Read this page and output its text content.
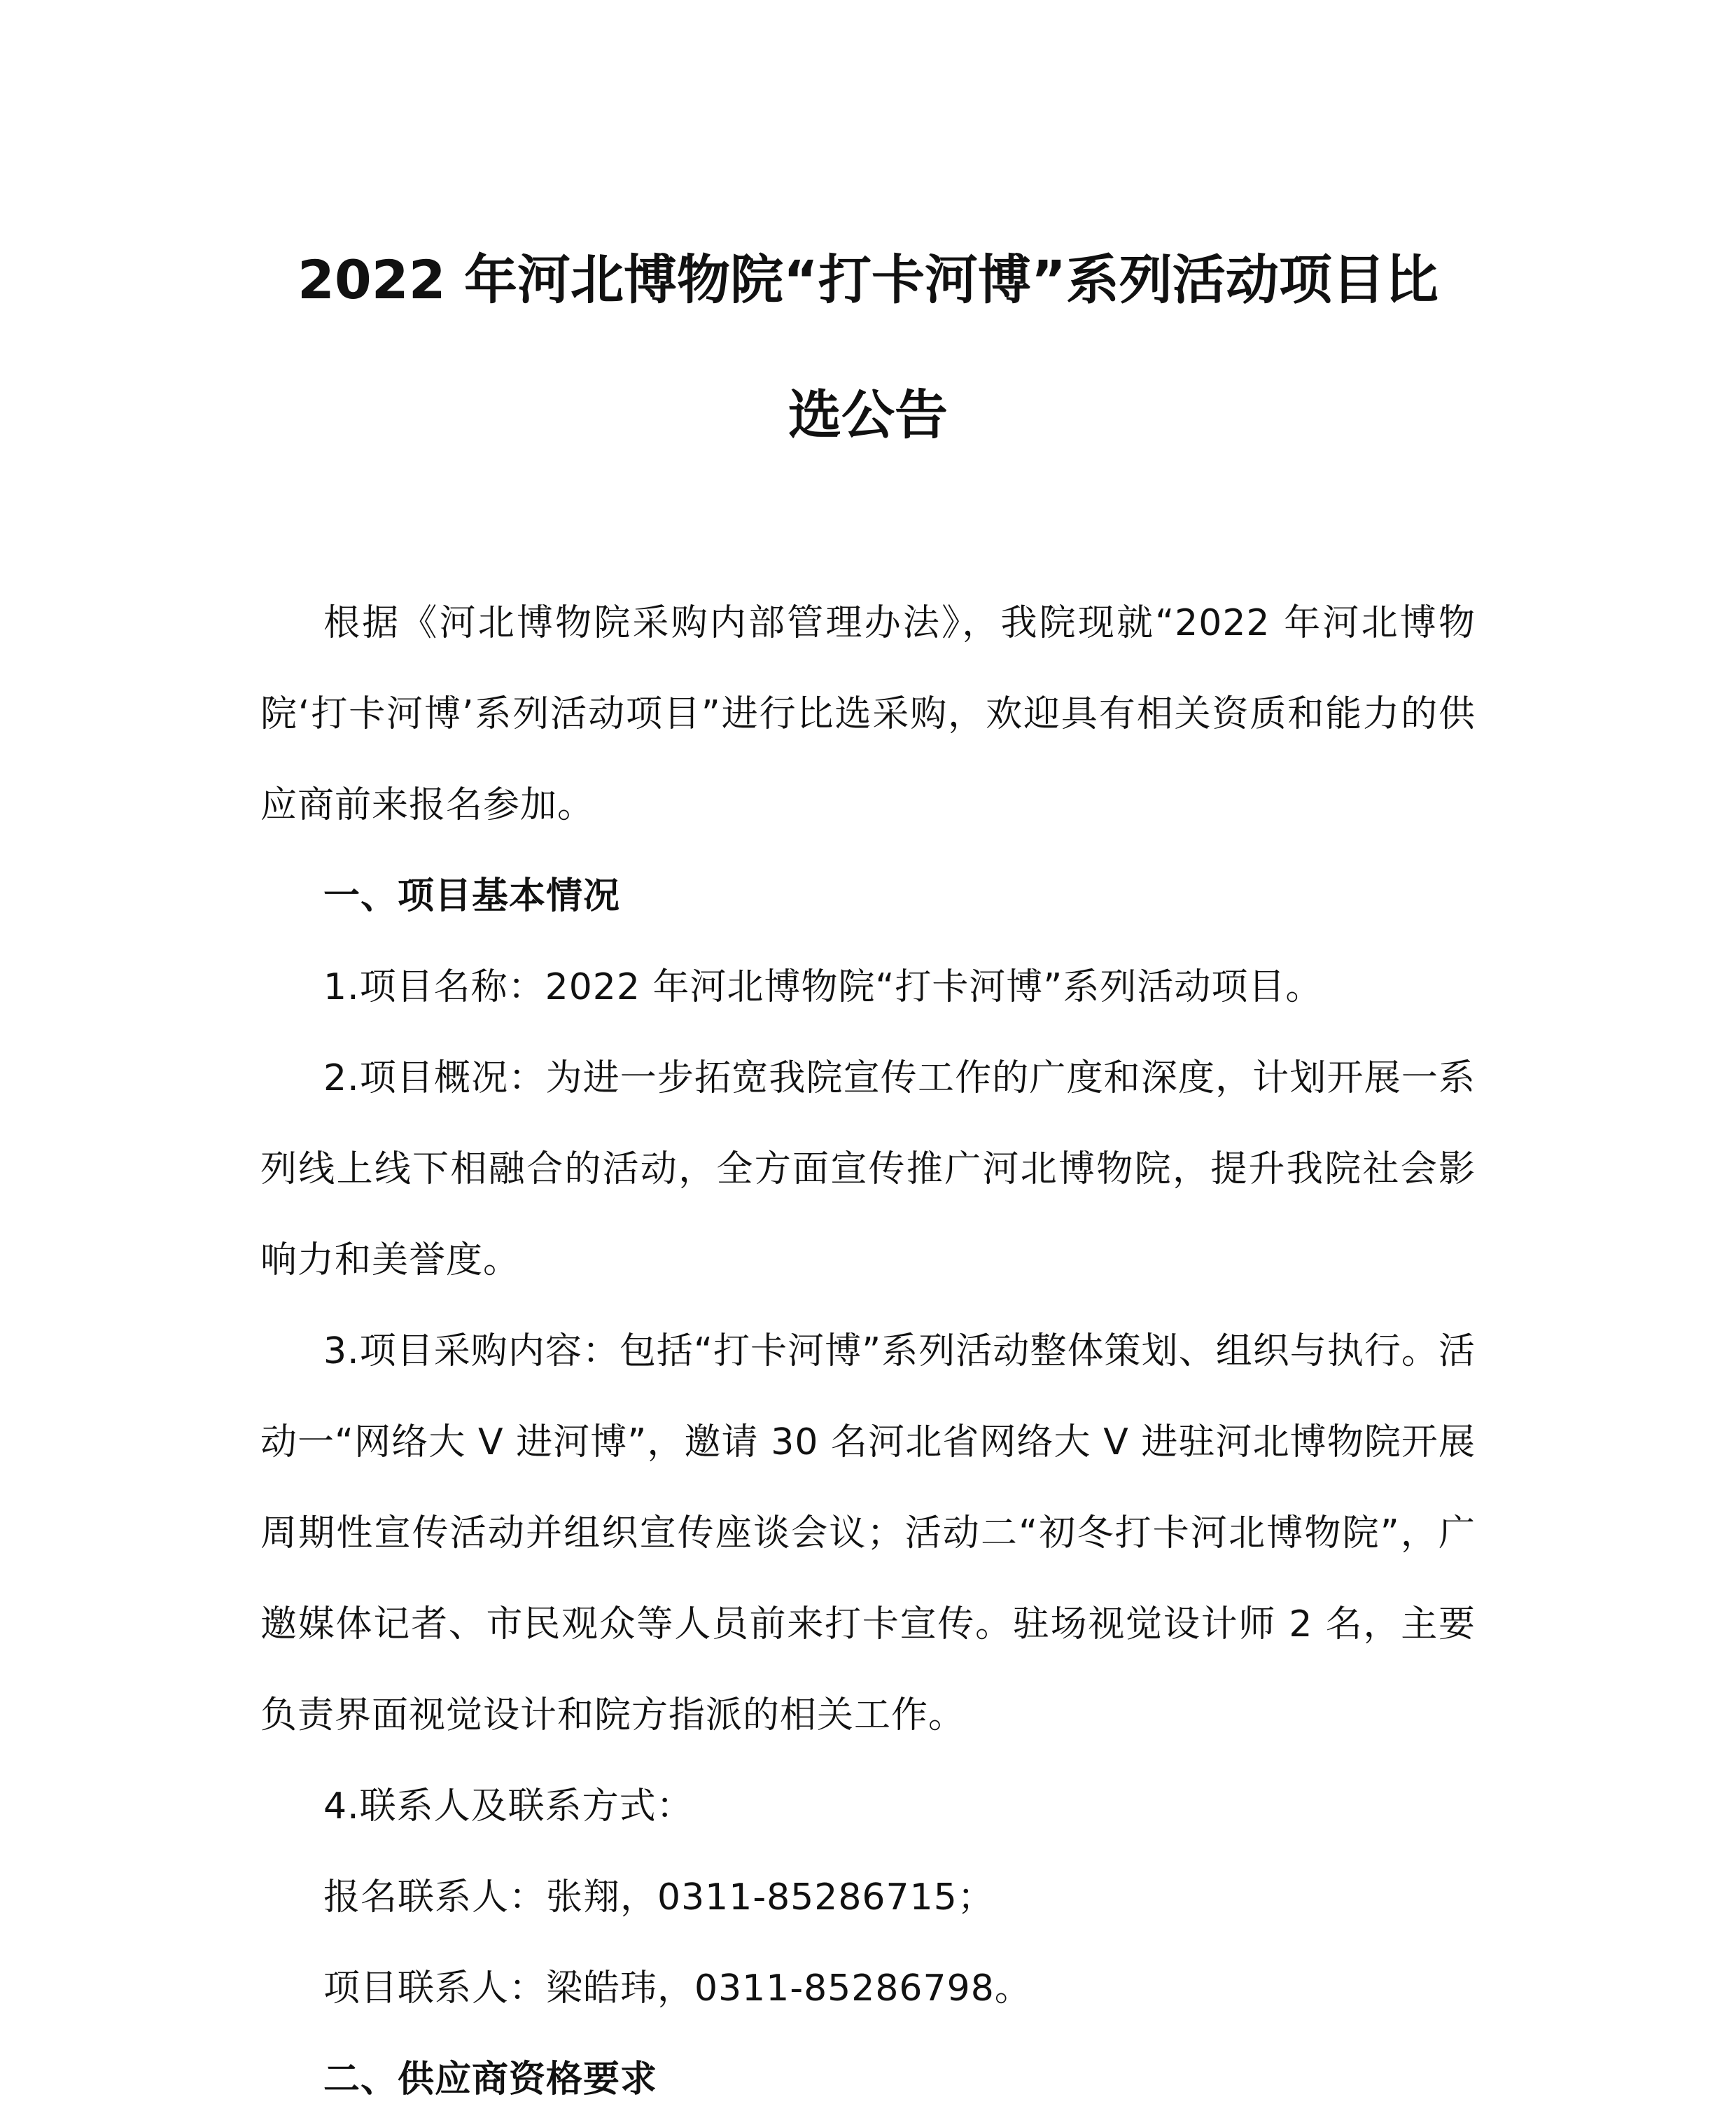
2022 年河北博物院“打卡河博”系列活动项目比
选公告

根据《河北博物院采购内部管理办法》，我院现就“2022 年河北博物院‘打卡河博’系列活动项目”进行比选采购，欢迎具有相关资质和能力的供应商前来报名参加。

一、项目基本情况

1.项目名称：2022 年河北博物院“打卡河博”系列活动项目。

2.项目概况：为进一步拓宽我院宣传工作的广度和深度，计划开展一系列线上线下相融合的活动，全方面宣传推广河北博物院，提升我院社会影响力和美誉度。

3.项目采购内容：包括“打卡河博”系列活动整体策划、组织与执行。活动一“网络大 V 进河博”，邀请 30 名河北省网络大 V 进驻河北博物院开展周期性宣传活动并组织宣传座谈会议；活动二“初冬打卡河北博物院”，广邀媒体记者、市民观众等人员前来打卡宣传。驻场视觉设计师 2 名，主要负责界面视觉设计和院方指派的相关工作。

4.联系人及联系方式：

报名联系人：张翔，0311-85286715；

项目联系人：梁皓玮，0311-85286798。

二、供应商资格要求
